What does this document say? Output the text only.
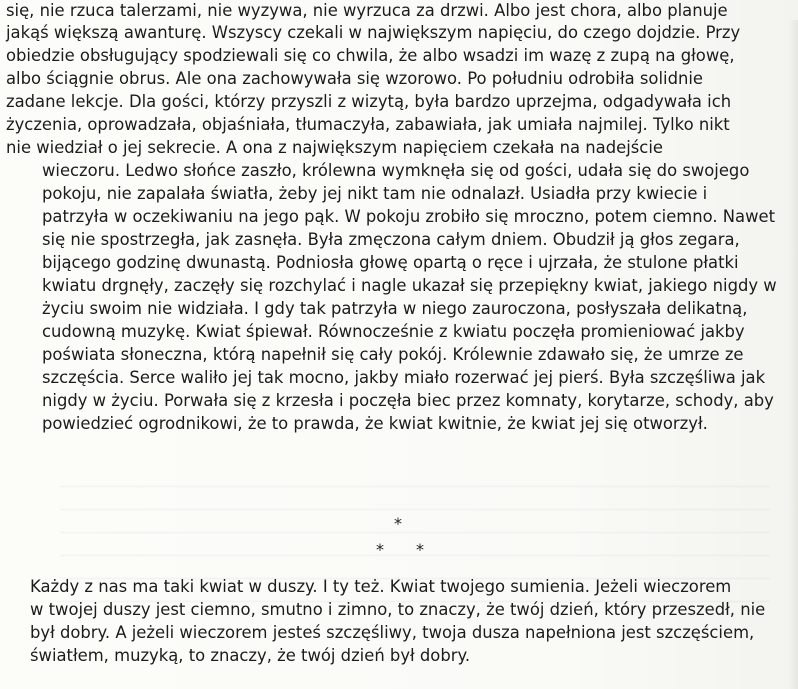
się, nie rzuca talerzami, nie wyzywa, nie wyrzuca za drzwi. Albo jest chora, albo planuje

jakąś większą awanturę. Wszyscy czekali w największym napięciu, do czego dojdzie. Przy

obiedzie obsługujący spodziewali się co chwila, że albo wsadzi im wazę z zupą na głowę,

albo ściągnie obrus. Ale ona zachowywała się wzorowo. Po południu odrobiła solidnie

zadane lekcje. Dla gości, którzy przyszli z wizytą, była bardzo uprzejma, odgadywała ich

życzenia, oprowadzała, objaśniała, tłumaczyła, zabawiała, jak umiała najmilej. Tylko nikt

nie wiedział o jej sekrecie. A ona z największym napięciem czekała na nadejście

wieczoru. Ledwo słońce zaszło, królewna wymknęła się od gości, udała się do swojego

pokoju, nie zapalała światła, żeby jej nikt tam nie odnalazł. Usiadła przy kwiecie i

patrzyła w oczekiwaniu na jego pąk. W pokoju zrobiło się mroczno, potem ciemno. Nawet

się nie spostrzegła, jak zasnęła. Była zmęczona całym dniem. Obudził ją głos zegara,

bijącego godzinę dwunastą. Podniosła głowę opartą o ręce i ujrzała, że stulone płatki

kwiatu drgnęły, zaczęły się rozchylać i nagle ukazał się przepiękny kwiat, jakiego nigdy w

życiu swoim nie widziała. I gdy tak patrzyła w niego zauroczona, posłyszała delikatną,

cudowną muzykę. Kwiat śpiewał. Równocześnie z kwiatu poczęła promieniować jakby

poświata słoneczna, którą napełnił się cały pokój. Królewnie zdawało się, że umrze ze

szczęścia. Serce waliło jej tak mocno, jakby miało rozerwać jej pierś. Była szczęśliwa jak

nigdy w życiu. Porwała się z krzesła i poczęła biec przez komnaty, korytarze, schody, aby

powiedzieć ogrodnikowi, że to prawda, że kwiat kwitnie, że kwiat jej się otworzył.

*
* *

Każdy z nas ma taki kwiat w duszy. I ty też. Kwiat twojego sumienia. Jeżeli wieczorem

w twojej duszy jest ciemno, smutno i zimno, to znaczy, że twój dzień, który przeszedł, nie

był dobry. A jeżeli wieczorem jesteś szczęśliwy, twoja dusza napełniona jest szczęściem,

światłem, muzyką, to znaczy, że twój dzień był dobry.
